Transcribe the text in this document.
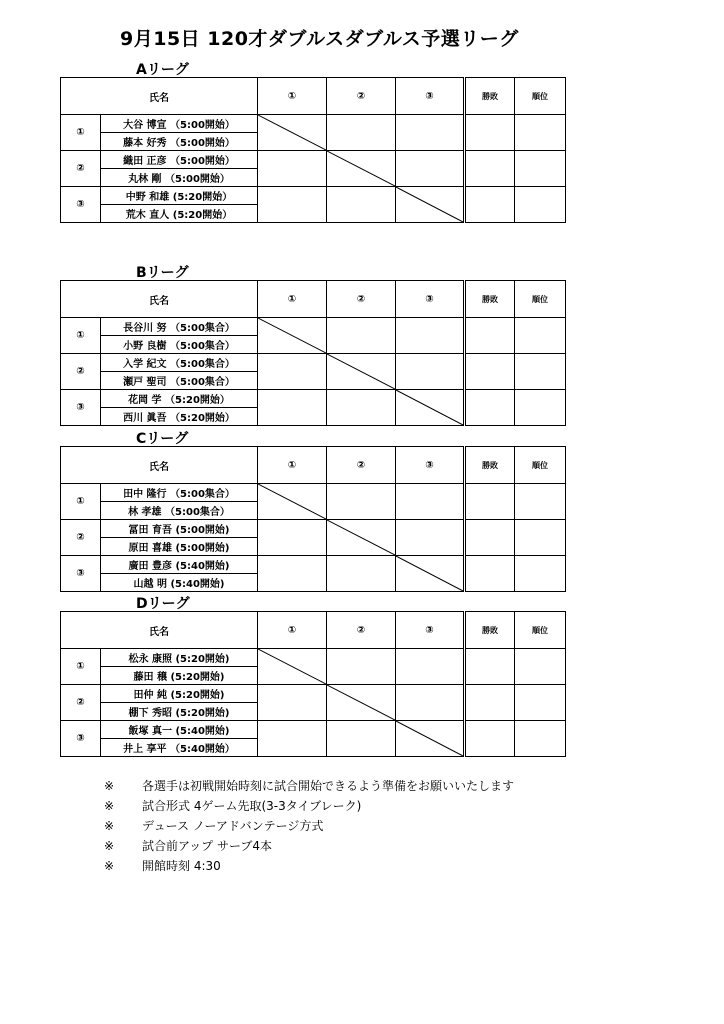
9月15日 120才ダブルスダブルス予選リーグ
Aリーグ
氏名		①	②	③	勝敗	順位
①	大谷 博宣 （5:00開始）	

	藤本 好秀 （5:00開始）					
②	織田 正彦 （5:00開始）		

	丸林 剛 （5:00開始）					
③	中野 和雄 (5:20開始）			

	荒木 直人 (5:20開始）					
Bリーグ
氏名		①	②	③	勝敗	順位
①	長谷川 努 （5:00集合）	

	小野 良樹 （5:00集合）					
②	入学 紀文 （5:00集合）		

	瀬戸 聖司 （5:00集合）					
③	花岡 学 （5:20開始）			

	西川 眞吾 （5:20開始）					
Cリーグ
氏名		①	②	③	勝敗	順位
①	田中 隆行 （5:00集合）	

	林 孝雄 （5:00集合）					
②	冨田 育吾 (5:00開始)		

	原田 喜雄 (5:00開始)					
③	廣田 豊彦 (5:40開始)			

	山越 明 (5:40開始)					
Dリーグ
氏名		①	②	③	勝敗	順位
①	松永 康照 (5:20開始)	

	藤田 穣 (5:20開始)					
②	田仲 純 (5:20開始)		

	棚下 秀昭 (5:20開始)					
③	飯塚 真一 (5:40開始)			

	井上 享平 （5:40開始）					
※	各選手は初戦開始時刻に試合開始できるよう準備をお願いいたします
※	試合形式 4ゲーム先取(3-3タイブレーク)
※	デュース ノーアドバンテージ方式
※	試合前アップ サーブ4本
※	開館時刻 4:30
